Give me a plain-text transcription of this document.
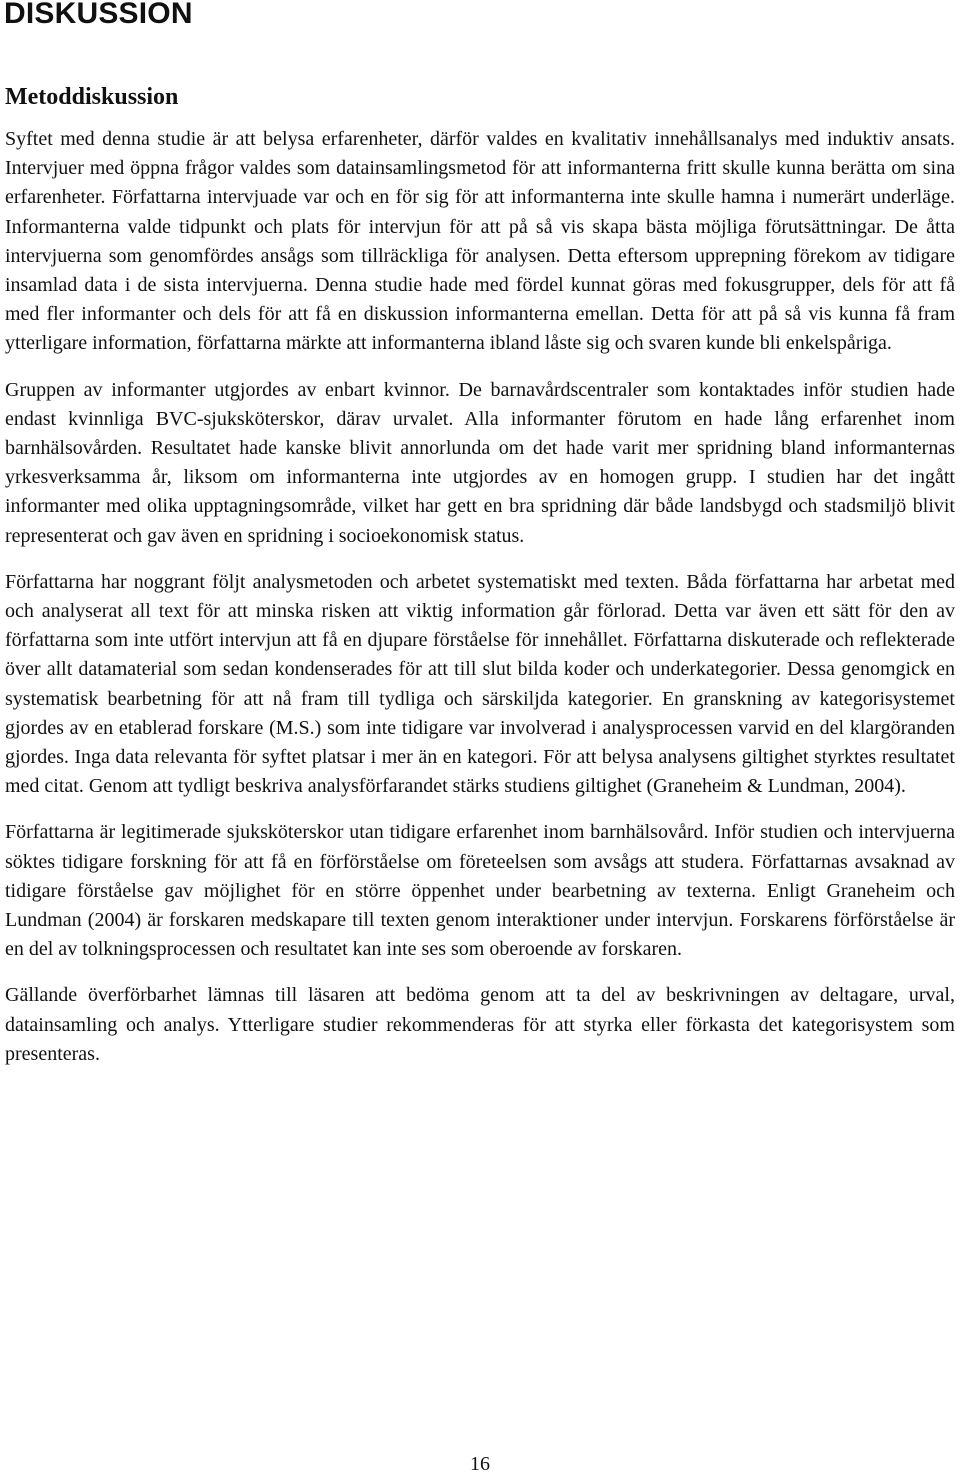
DISKUSSION
Metoddiskussion

Syftet med denna studie är att belysa erfarenheter, därför valdes en kvalitativ innehållsanalys med induktiv ansats. Intervjuer med öppna frågor valdes som datainsamlingsmetod för att informanterna fritt skulle kunna berätta om sina erfarenheter. Författarna intervjuade var och en för sig för att informanterna inte skulle hamna i numerärt underläge. Informanterna valde tidpunkt och plats för intervjun för att på så vis skapa bästa möjliga förutsättningar. De åtta intervjuerna som genomfördes ansågs som tillräckliga för analysen. Detta eftersom upprepning förekom av tidigare insamlad data i de sista intervjuerna. Denna studie hade med fördel kunnat göras med fokusgrupper, dels för att få med fler informanter och dels för att få en diskussion informanterna emellan. Detta för att på så vis kunna få fram ytterligare information, författarna märkte att informanterna ibland låste sig och svaren kunde bli enkelspåriga.

Gruppen av informanter utgjordes av enbart kvinnor. De barnavårdscentraler som kontaktades inför studien hade endast kvinnliga BVC-sjuksköterskor, därav urvalet. Alla informanter förutom en hade lång erfarenhet inom barnhälsovården. Resultatet hade kanske blivit annorlunda om det hade varit mer spridning bland informanternas yrkesverksamma år, liksom om informanterna inte utgjordes av en homogen grupp. I studien har det ingått informanter med olika upptagningsområde, vilket har gett en bra spridning där både landsbygd och stadsmiljö blivit representerat och gav även en spridning i socioekonomisk status.

Författarna har noggrant följt analysmetoden och arbetet systematiskt med texten. Båda författarna har arbetat med och analyserat all text för att minska risken att viktig information går förlorad. Detta var även ett sätt för den av författarna som inte utfört intervjun att få en djupare förståelse för innehållet. Författarna diskuterade och reflekterade över allt datamaterial som sedan kondenserades för att till slut bilda koder och underkategorier. Dessa genomgick en systematisk bearbetning för att nå fram till tydliga och särskiljda kategorier. En granskning av kategorisystemet gjordes av en etablerad forskare (M.S.) som inte tidigare var involverad i analysprocessen varvid en del klargöranden gjordes. Inga data relevanta för syftet platsar i mer än en kategori. För att belysa analysens giltighet styrktes resultatet med citat. Genom att tydligt beskriva analysförfarandet stärks studiens giltighet (Graneheim & Lundman, 2004).

Författarna är legitimerade sjuksköterskor utan tidigare erfarenhet inom barnhälsovård. Inför studien och intervjuerna söktes tidigare forskning för att få en förförståelse om företeelsen som avsågs att studera. Författarnas avsaknad av tidigare förståelse gav möjlighet för en större öppenhet under bearbetning av texterna. Enligt Graneheim och Lundman (2004) är forskaren medskapare till texten genom interaktioner under intervjun. Forskarens förförståelse är en del av tolkningsprocessen och resultatet kan inte ses som oberoende av forskaren.

Gällande överförbarhet lämnas till läsaren att bedöma genom att ta del av beskrivningen av deltagare, urval, datainsamling och analys. Ytterligare studier rekommenderas för att styrka eller förkasta det kategorisystem som presenteras.

16
